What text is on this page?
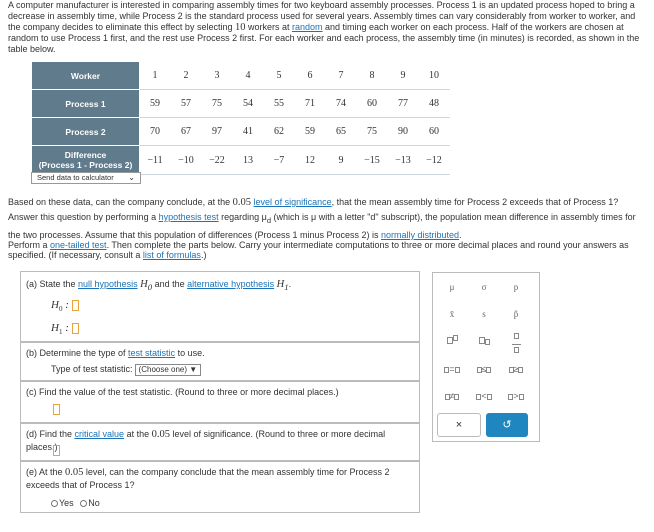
A computer manufacturer is interested in comparing assembly times for two keyboard assembly processes. Process 1 is an updated process hoped to bring a decrease in assembly time, while Process 2 is the standard process used for several years. Assembly times can vary considerably from worker to worker, and the company decides to eliminate this effect by selecting 10 workers at random and timing each worker on each process. Half of the workers are chosen at random to use Process 1 first, and the rest use Process 2 first. For each worker and each process, the assembly time (in minutes) is recorded, as shown in the table below.
Worker	1	2	3	4	5	6	7	8	9	10
Process 1	59	57	75	54	55	71	74	60	77	48
Process 2	70	67	97	41	62	59	65	75	90	60
Difference
(Process 1 - Process 2)	−11	−10	−22	13	−7	12	9	−15	−13	−12
Send data to calculator ⌄
Based on these data, can the company conclude, at the 0.05 level of significance, that the mean assembly time for Process 2 exceeds that of Process 1? Answer this question by performing a hypothesis test regarding $\mu_d$ (which is μ with a letter "d" subscript), the population mean difference in assembly times for the two processes. Assume that this population of differences (Process 1 minus Process 2) is normally distributed.
Perform a one-tailed test. Then complete the parts below. Carry your intermediate computations to three or more decimal places and round your answers as specified. (If necessary, consult a list of formulas.)
(a) State the null hypothesis $H_0$ and the alternative hypothesis $H_1$.
$H_0$ :
$H_1$ :
(b) Determine the type of test statistic to use.
Type of test statistic: (Choose one) ▼
(c) Find the value of the test statistic. (Round to three or more decimal places.)
(d) Find the critical value at the 0.05 level of significance. (Round to three or more decimal places.)
(e) At the 0.05 level, can the company conclude that the mean assembly time for Process 2
exceeds that of Process 1?
Yes No
μ	σ	p
x̄	s	p̂

=	≤	≥
≠	<	>
×	↺
